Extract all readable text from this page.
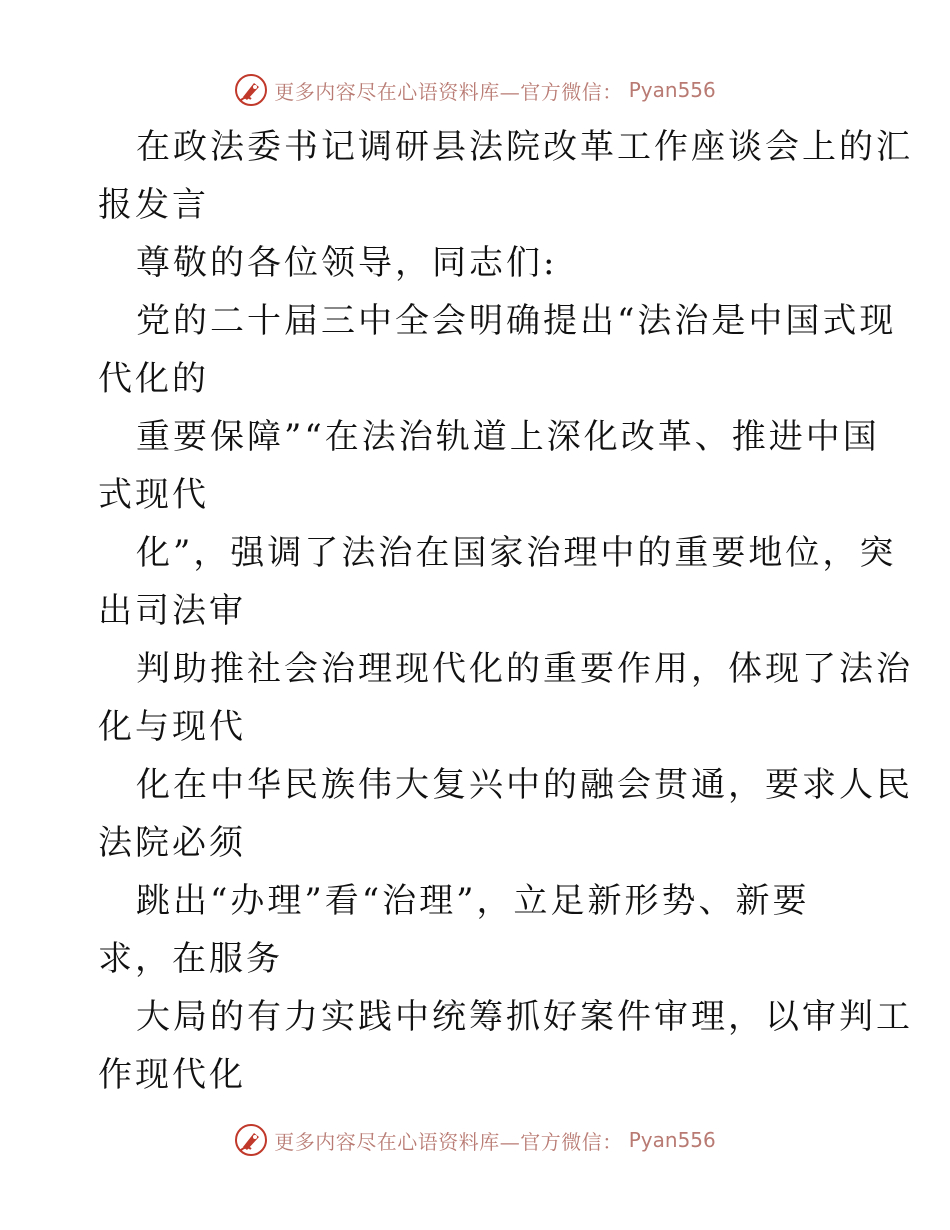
更多内容尽在心语资料库—官方微信： Pyan556
在政法委书记调研县法院改革工作座谈会上的汇
报发言
尊敬的各位领导，同志们:
党的二十届三中全会明确提出“法治是中国式现
代化的
重要保障”“在法治轨道上深化改革、推进中国
式现代
化”，强调了法治在国家治理中的重要地位，突
出司法审
判助推社会治理现代化的重要作用，体现了法治
化与现代
化在中华民族伟大复兴中的融会贯通，要求人民
法院必须
跳出“办理”看“治理”，立足新形势、新要
求，在服务
大局的有力实践中统筹抓好案件审理，以审判工
作现代化
更多内容尽在心语资料库—官方微信： Pyan556
